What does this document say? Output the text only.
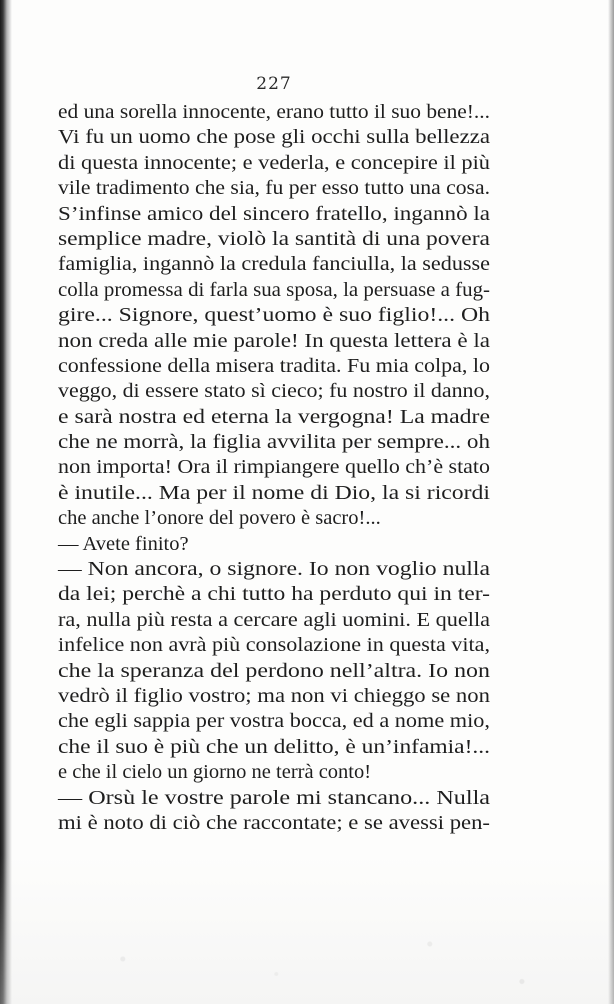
227
ed una sorella innocente, erano tutto il suo bene!...
Vi fu un uomo che pose gli occhi sulla bellezza
di questa innocente; e vederla, e concepire il più
vile tradimento che sia, fu per esso tutto una cosa.
S’infinse amico del sincero fratello, ingannò la
semplice madre, violò la santità di una povera
famiglia, ingannò la credula fanciulla, la sedusse
colla promessa di farla sua sposa, la persuase a fug-
gire... Signore, quest’uomo è suo figlio!... Oh
non creda alle mie parole! In questa lettera è la
confessione della misera tradita. Fu mia colpa, lo
veggo, di essere stato sì cieco; fu nostro il danno,
e sarà nostra ed eterna la vergogna! La madre
che ne morrà, la figlia avvilita per sempre... oh
non importa! Ora il rimpiangere quello ch’è stato
è inutile... Ma per il nome di Dio, la si ricordi
che anche l’onore del povero è sacro!...
— Avete finito?
— Non ancora, o signore. Io non voglio nulla
da lei; perchè a chi tutto ha perduto qui in ter-
ra, nulla più resta a cercare agli uomini. E quella
infelice non avrà più consolazione in questa vita,
che la speranza del perdono nell’altra. Io non
vedrò il figlio vostro; ma non vi chieggo se non
che egli sappia per vostra bocca, ed a nome mio,
che il suo è più che un delitto, è un’infamia!...
e che il cielo un giorno ne terrà conto!
— Orsù le vostre parole mi stancano... Nulla
mi è noto di ciò che raccontate; e se avessi pen-
